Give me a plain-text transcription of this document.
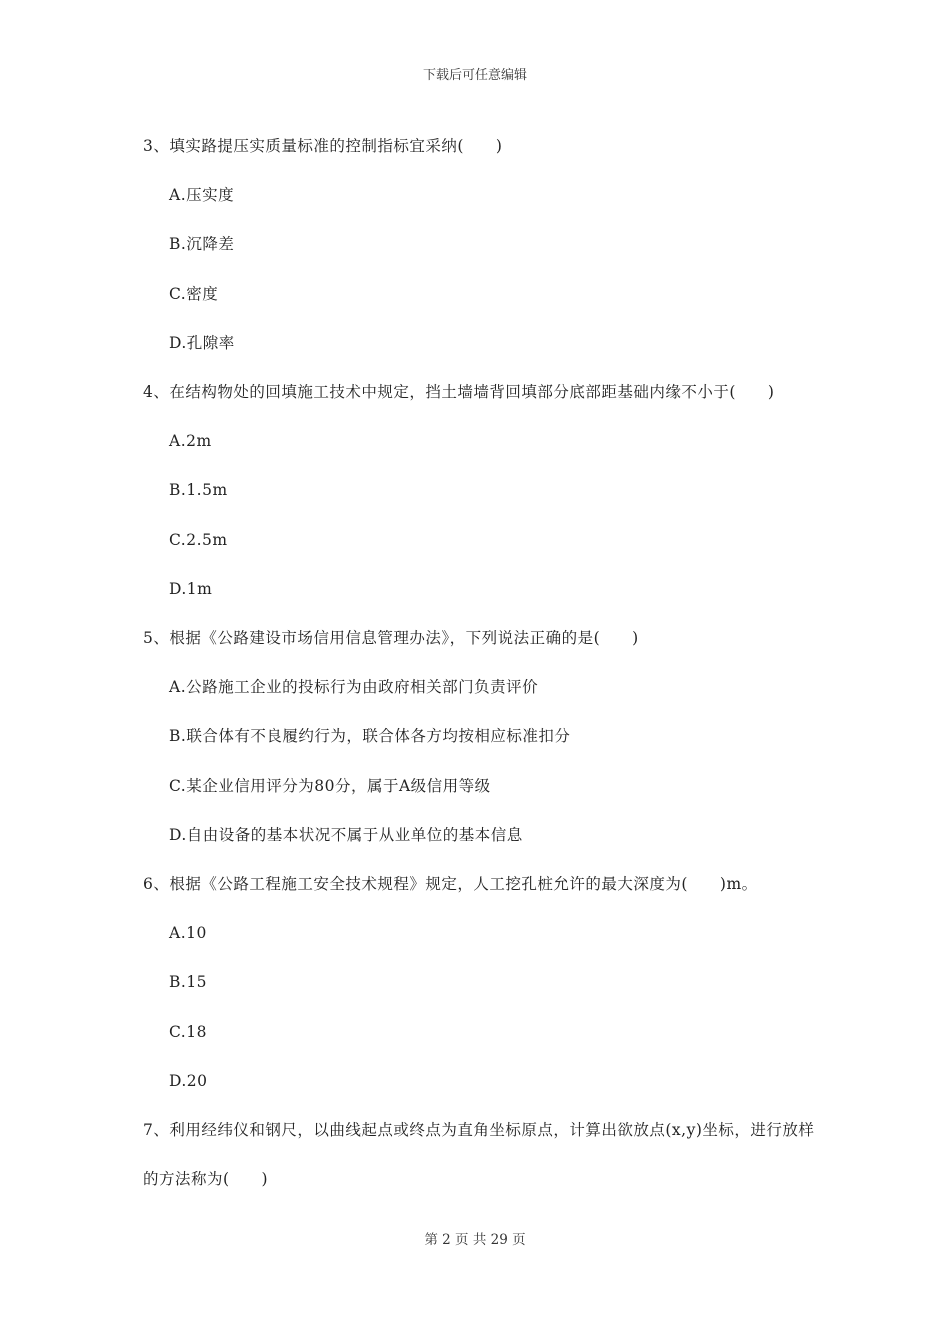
下载后可任意编辑

3、填实路提压实质量标准的控制指标宜采纳(　　)

A.压实度

B.沉降差

C.密度

D.孔隙率

4、在结构物处的回填施工技术中规定，挡土墙墙背回填部分底部距基础内缘不小于(　　)

A.2m

B.1.5m

C.2.5m

D.1m

5、根据《公路建设市场信用信息管理办法》，下列说法正确的是(　　)

A.公路施工企业的投标行为由政府相关部门负责评价

B.联合体有不良履约行为，联合体各方均按相应标准扣分

C.某企业信用评分为80分，属于A级信用等级

D.自由设备的基本状况不属于从业单位的基本信息

6、根据《公路工程施工安全技术规程》规定，人工挖孔桩允许的最大深度为(　　)m。

A.10

B.15

C.18

D.20

7、利用经纬仪和钢尺，以曲线起点或终点为直角坐标原点，计算出欲放点(x,y)坐标，进行放样的方法称为(　　)

第 2 页 共 29 页
